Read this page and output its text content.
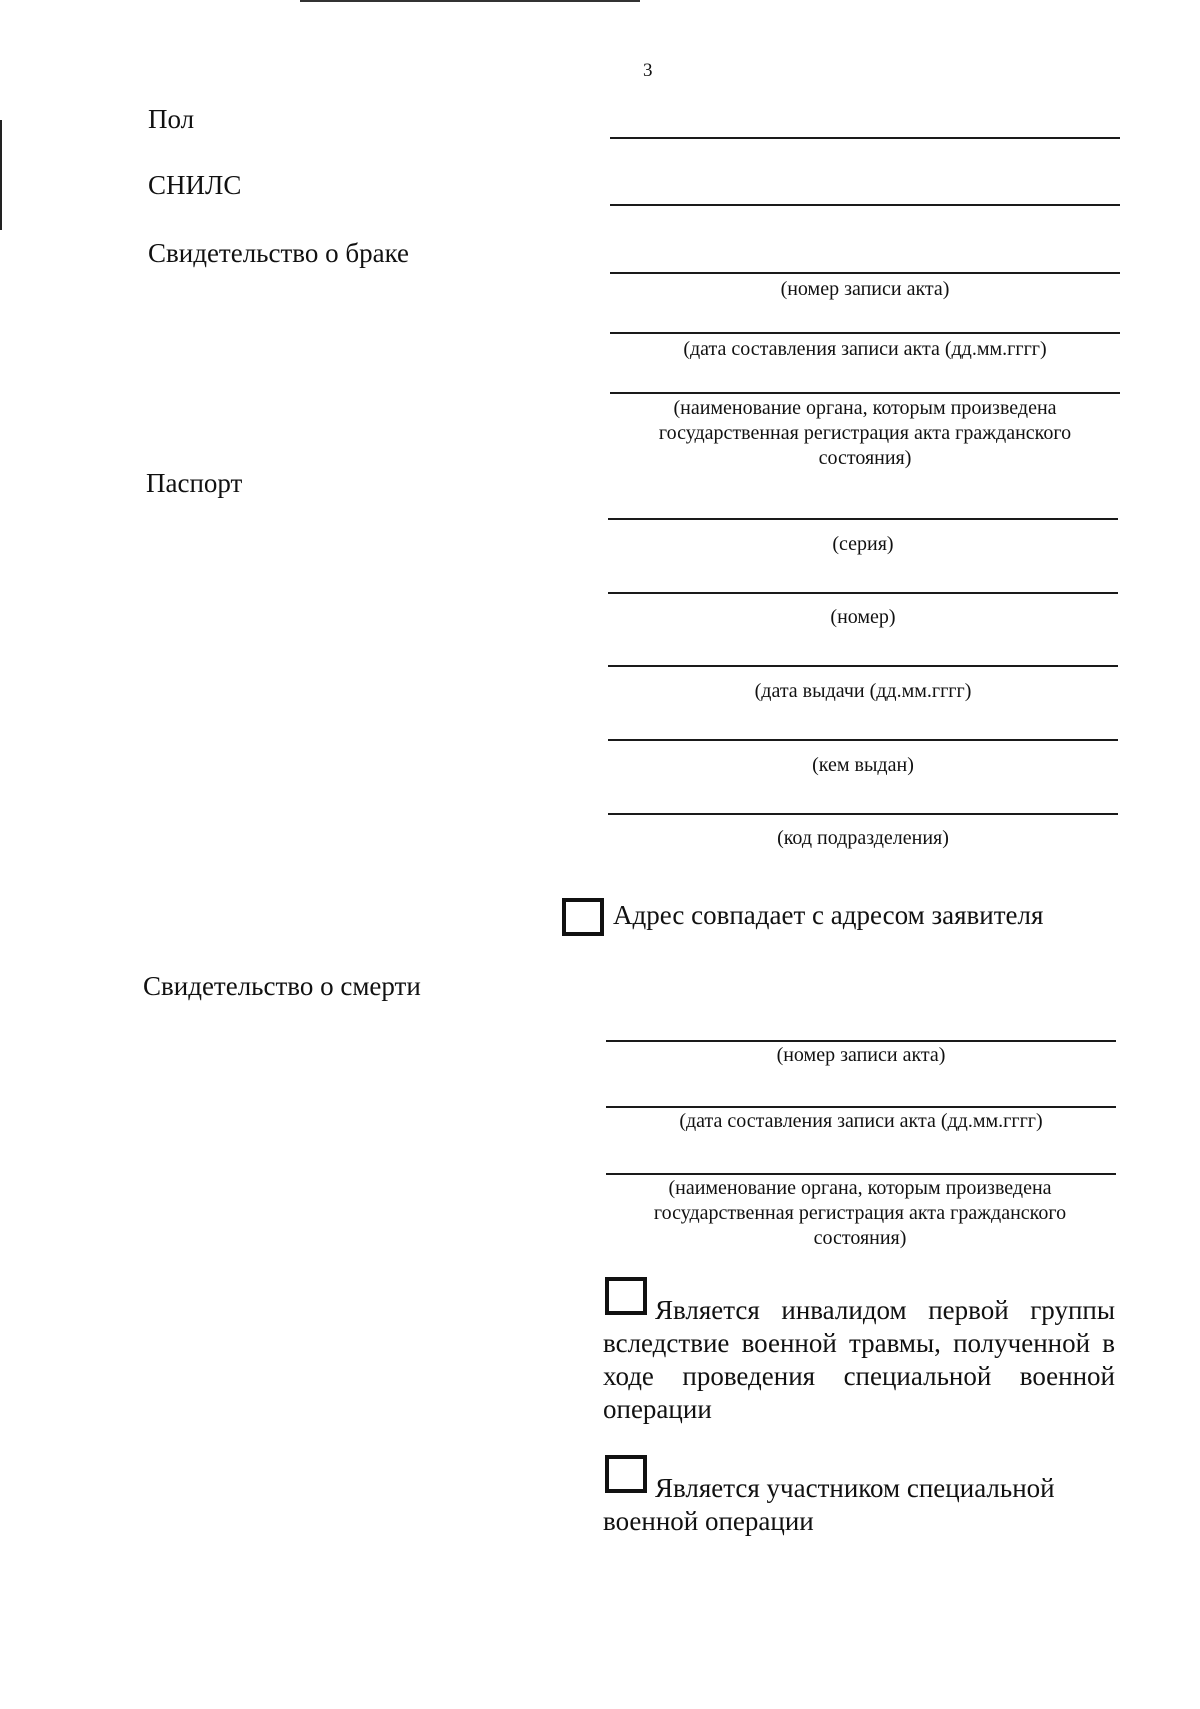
3
Пол
СНИЛС
Свидетельство о браке
(номер записи акта)
(дата составления записи акта (дд.мм.гггг)
(наименование органа, которым произведена государственная регистрация акта гражданского состояния)
Паспорт
(серия)
(номер)
(дата выдачи (дд.мм.гггг)
(кем выдан)
(код подразделения)
Адрес совпадает с адресом заявителя
Свидетельство о смерти
(номер записи акта)
(дата составления записи акта (дд.мм.гггг)
(наименование органа, которым произведена государственная регистрация акта гражданского состояния)

Является инвалидом первой группы вследствие военной травмы, полученной в ходе проведения специальной военной операции

Является участником специальной военной операции
